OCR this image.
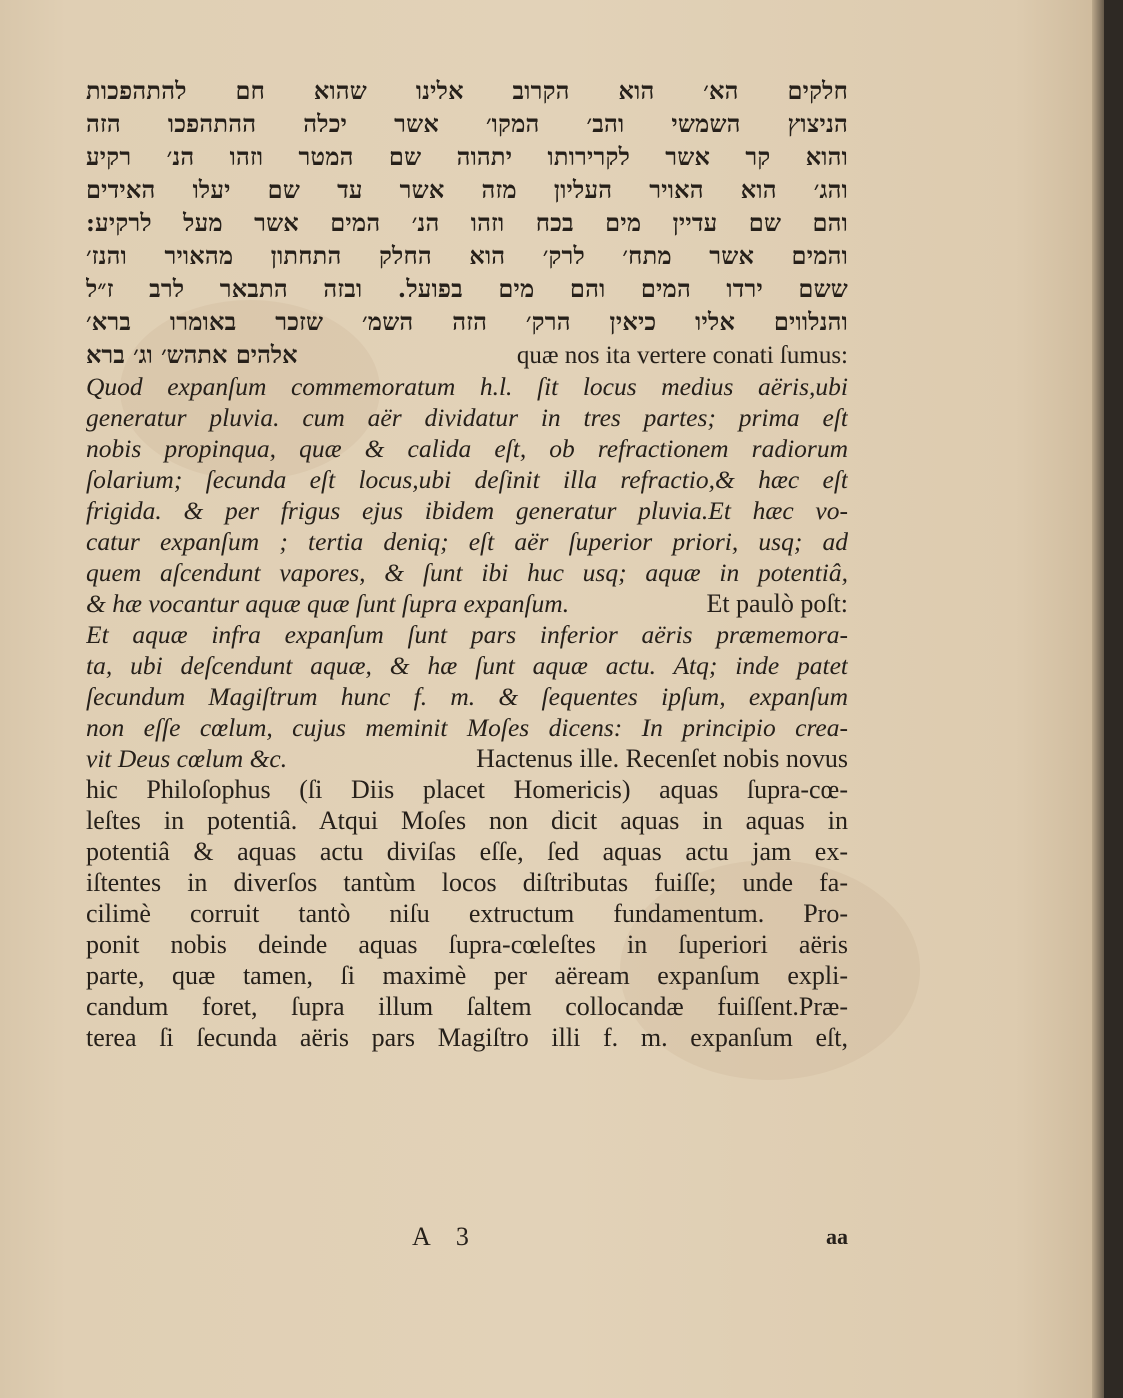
חלקים הא׳ הוא הקרוב אלינו שהוא חם להתהפכות
הניצוץ השמשי והב׳ המקו׳ אשר יכלה ההתהפכו הזה
והוא קר אשר לקרירותו יתהוה שם המטר וזהו הנ׳ רקיע
והג׳ הוא האויר העליון מזה אשר עד שם יעלו האידים
והם שם עדיין מים בכח וזהו הנ׳ המים אשר מעל לרקיע:
והמים אשר מתח׳ לרק׳ הוא החלק התחתון מהאויר והנז׳
ששם ירדו המים והם מים בפועל. ובזה התבאר לרב ז״ל
והנלווים אליו כיאין הרק׳ הזה השמ׳ שזכר באומרו ברא׳
אלהים אתהש׳ וג׳ ברא	quæ nos ita vertere conati ſumus:
Quod expanſum commemoratum h.l. ſit locus medius aëris,ubi
generatur pluvia. cum aër dividatur in tres partes; prima eſt
nobis propinqua, quæ & calida eſt, ob refractionem radiorum
ſolarium; ſecunda eſt locus,ubi deſinit illa refractio,& hæc eſt
frigida. & per frigus ejus ibidem generatur pluvia.Et hæc vo-
catur expanſum ; tertia deniq; eſt aër ſuperior priori, usq; ad
quem aſcendunt vapores, & ſunt ibi huc usq; aquæ in potentiâ,
& hæ vocantur aquæ quæ ſunt ſupra expanſum.	Et paulò poſt:
Et aquæ infra expanſum ſunt pars inferior aëris præmemora-
ta, ubi deſcendunt aquæ, & hæ ſunt aquæ actu. Atq; inde patet
ſecundum Magiſtrum hunc f. m. & ſequentes ipſum, expanſum
non eſſe cœlum, cujus meminit Moſes dicens: In principio crea-
vit Deus cœlum &c.	Hactenus ille. Recenſet nobis novus
hic Philoſophus (ſi Diis placet Homericis) aquas ſupra-cœ-
leſtes in potentiâ. Atqui Moſes non dicit aquas in aquas in
potentiâ & aquas actu diviſas eſſe, ſed aquas actu jam ex-
iſtentes in diverſos tantùm locos diſtributas fuiſſe; unde fa-
cilimè corruit tantò niſu extructum fundamentum. Pro-
ponit nobis deinde aquas ſupra-cœleſtes in ſuperiori aëris
parte, quæ tamen, ſi maximè per aëream expanſum expli-
candum foret, ſupra illum ſaltem collocandæ fuiſſent.Præ-
terea ſi ſecunda aëris pars Magiſtro illi f. m. expanſum eſt,
A 3	aa
